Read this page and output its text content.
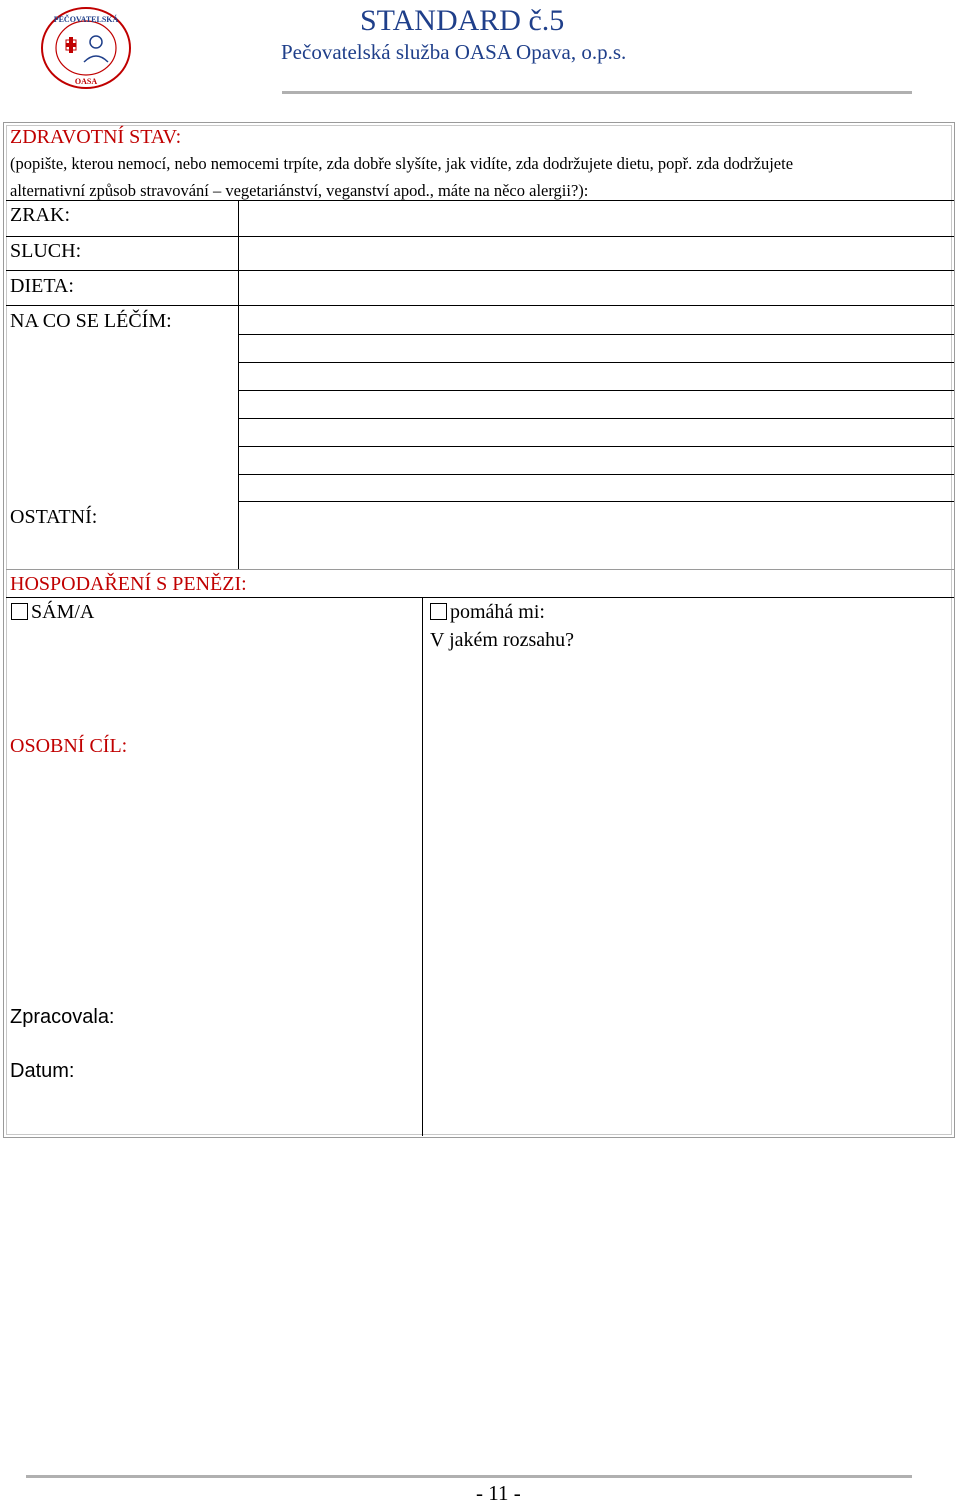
PEČOVATELSKÁ
OASA
STANDARD č.5
Pečovatelská služba OASA Opava, o.p.s.
ZDRAVOTNÍ STAV:
(popište, kterou nemocí, nebo nemocemi trpíte, zda dobře slyšíte, jak vidíte, zda dodržujete dietu, popř. zda dodržujete
alternativní způsob stravování – vegetariánství, veganství apod., máte na něco alergii?):
ZRAK:
SLUCH:
DIETA:
NA CO SE LÉČÍM:
OSTATNÍ:
HOSPODAŘENÍ S PENĚZI:
SÁM/A	pomáhá mi:
V jakém rozsahu?
OSOBNÍ CÍL:
Zpracovala:
Datum:
- 11 -
